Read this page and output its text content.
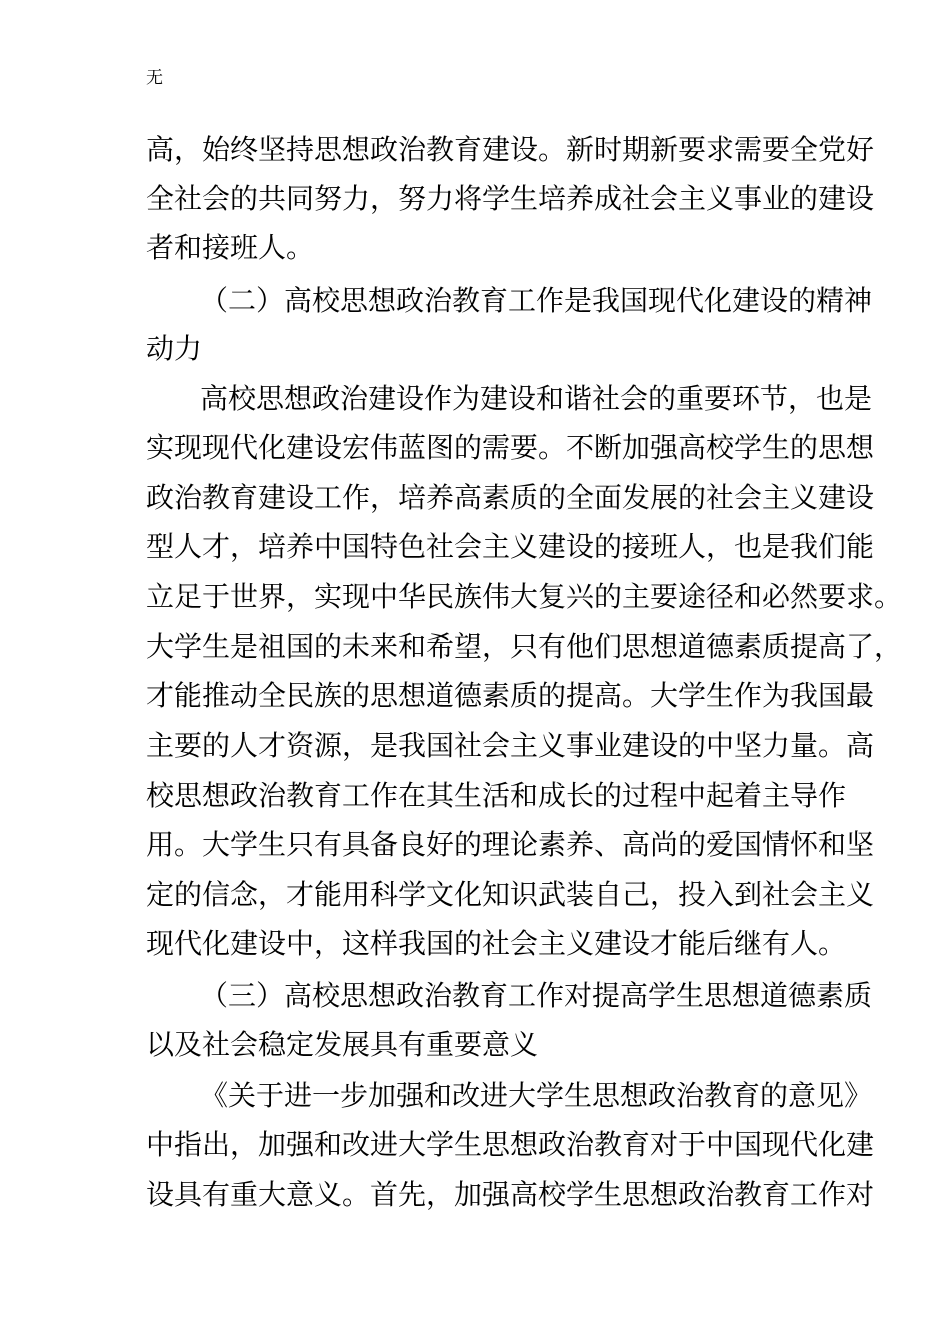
无
高，始终坚持思想政治教育建设。新时期新要求需要全党好
全社会的共同努力，努力将学生培养成社会主义事业的建设
者和接班人。
（二）高校思想政治教育工作是我国现代化建设的精神
动力
高校思想政治建设作为建设和谐社会的重要环节，也是
实现现代化建设宏伟蓝图的需要。不断加强高校学生的思想
政治教育建设工作，培养高素质的全面发展的社会主义建设
型人才，培养中国特色社会主义建设的接班人，也是我们能
立足于世界，实现中华民族伟大复兴的主要途径和必然要求。
大学生是祖国的未来和希望，只有他们思想道德素质提高了，
才能推动全民族的思想道德素质的提高。大学生作为我国最
主要的人才资源，是我国社会主义事业建设的中坚力量。高
校思想政治教育工作在其生活和成长的过程中起着主导作
用。大学生只有具备良好的理论素养、高尚的爱国情怀和坚
定的信念，才能用科学文化知识武装自己，投入到社会主义
现代化建设中，这样我国的社会主义建设才能后继有人。
（三）高校思想政治教育工作对提高学生思想道德素质
以及社会稳定发展具有重要意义
《关于进一步加强和改进大学生思想政治教育的意见》
中指出，加强和改进大学生思想政治教育对于中国现代化建
设具有重大意义。首先，加强高校学生思想政治教育工作对
